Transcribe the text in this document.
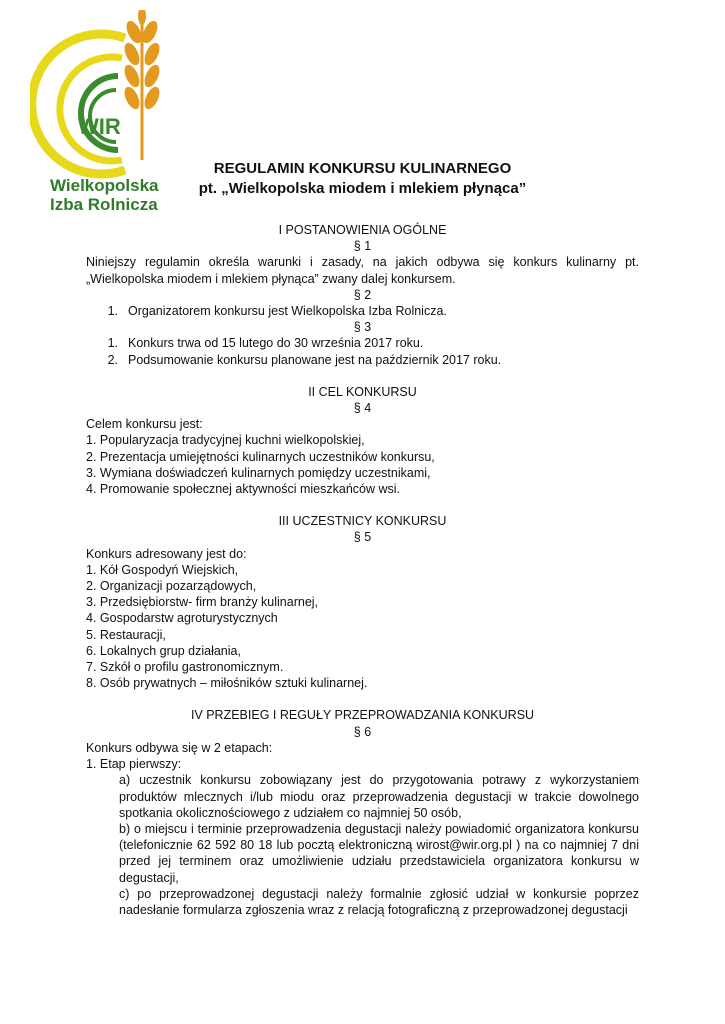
WIR
Wielkopolska
Izba Rolnicza
REGULAMIN KONKURSU KULINARNEGO
pt. „Wielkopolska miodem i mlekiem płynąca”
I POSTANOWIENIA OGÓLNE
§ 1
Niniejszy regulamin określa warunki i zasady, na jakich odbywa się konkurs kulinarny pt. „Wielkopolska miodem i mlekiem płynąca” zwany dalej konkursem.
§ 2
1. Organizatorem konkursu jest Wielkopolska Izba Rolnicza.
§ 3
1. Konkurs trwa od 15 lutego do 30 września 2017 roku.
2. Podsumowanie konkursu planowane jest na październik 2017 roku.
II CEL KONKURSU
§ 4
Celem konkursu jest:
1. Popularyzacja tradycyjnej kuchni wielkopolskiej,
2. Prezentacja umiejętności kulinarnych uczestników konkursu,
3. Wymiana doświadczeń kulinarnych pomiędzy uczestnikami,
4. Promowanie społecznej aktywności mieszkańców wsi.
III UCZESTNICY KONKURSU
§ 5
Konkurs adresowany jest do:
1. Kół Gospodyń Wiejskich,
2. Organizacji pozarządowych,
3. Przedsiębiorstw- firm branży kulinarnej,
4. Gospodarstw agroturystycznych
5. Restauracji,
6. Lokalnych grup działania,
7. Szkół o profilu gastronomicznym.
8. Osób prywatnych – miłośników sztuki kulinarnej.
IV PRZEBIEG I REGUŁY PRZEPROWADZANIA KONKURSU
§ 6
Konkurs odbywa się w 2 etapach:
1. Etap pierwszy:
a) uczestnik konkursu zobowiązany jest do przygotowania potrawy z wykorzystaniem produktów mlecznych i/lub miodu oraz przeprowadzenia degustacji w trakcie dowolnego spotkania okolicznościowego z udziałem co najmniej 50 osób,
b) o miejscu i terminie przeprowadzenia degustacji należy powiadomić organizatora konkursu (telefonicznie 62 592 80 18 lub pocztą elektroniczną wirost@wir.org.pl ) na co najmniej 7 dni przed jej terminem oraz umożliwienie udziału przedstawiciela organizatora konkursu w degustacji,
c) po przeprowadzonej degustacji należy formalnie zgłosić udział w konkursie poprzez nadesłanie formularza zgłoszenia wraz z relacją fotograficzną z przeprowadzonej degustacji
